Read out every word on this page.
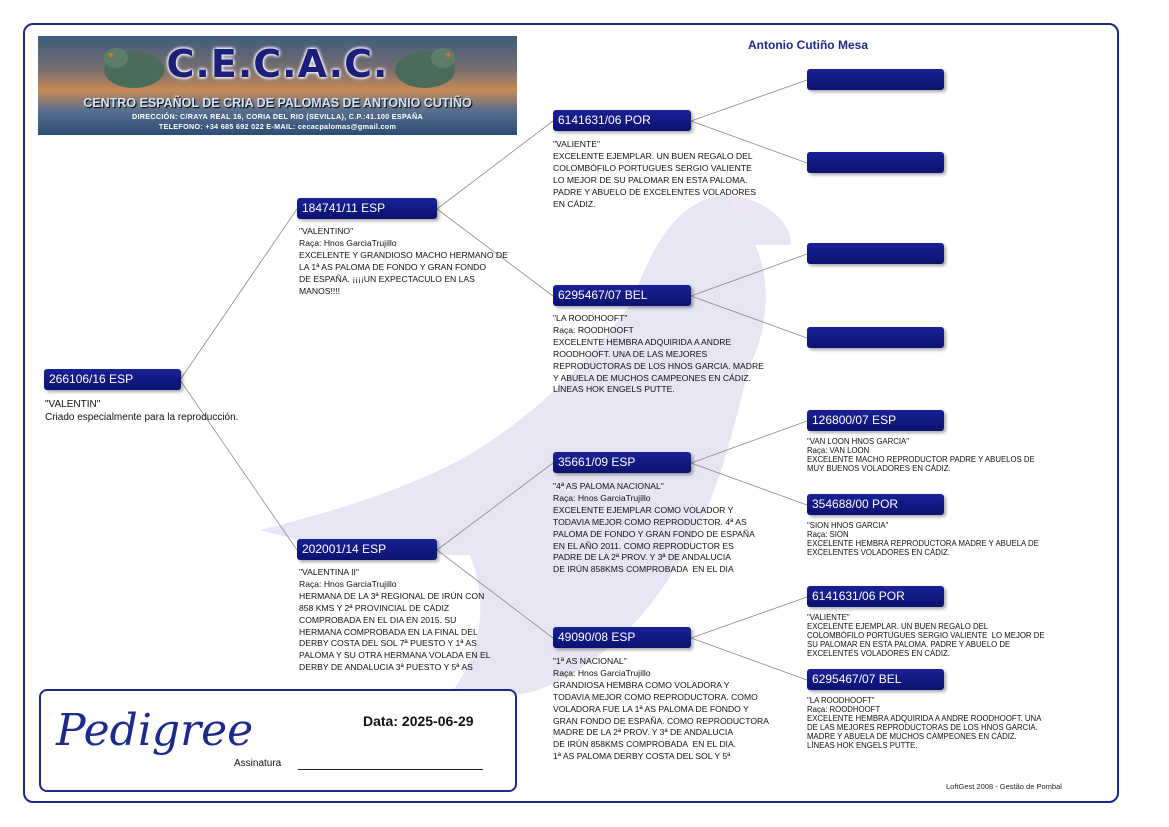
C.E.C.A.C.
CENTRO ESPAÑOL DE CRIA DE PALOMAS DE ANTONIO CUTIÑO
DIRECCIÓN: C/RAYA REAL 16, CORIA DEL RIO (SEVILLA), C.P.:41.100 ESPAÑA
TELEFONO: +34 685 692 022 E-MAIL: cecacpalomas@gmail.com
Antonio Cutiño Mesa
266106/16 ESP
"VALENTIN"
Criado especialmente para la reproducción.
184741/11 ESP
"VALENTINO"
Raça: Hnos GarciaTrujillo
EXCELENTE Y GRANDIOSO MACHO HERMANO DE
LA 1ª AS PALOMA DE FONDO Y GRAN FONDO
DE ESPAÑA. ¡¡¡¡UN EXPECTACULO EN LAS
MANOS!!!!
202001/14 ESP
"VALENTINA II"
Raça: Hnos GarciaTrujillo
HERMANA DE LA 3ª REGIONAL DE IRÚN CON
858 KMS Y 2ª PROVINCIAL DE CÁDIZ
COMPROBADA EN EL DIA EN 2015. SU
HERMANA COMPROBADA EN LA FINAL DEL
DERBY COSTA DEL SOL 7ª PUESTO Y 1ª AS
PALOMA Y SU OTRA HERMANA VOLADA EN EL
DERBY DE ANDALUCIA 3ª PUESTO Y 5ª AS
6141631/06 POR
"VALIENTE"
EXCELENTE EJEMPLAR. UN BUEN REGALO DEL
COLOMBÓFILO PORTUGUES SERGIO VALIENTE
LO MEJOR DE SU PALOMAR EN ESTA PALOMA.
PADRE Y ABUELO DE EXCELENTES VOLADORES
EN CÁDIZ.
6295467/07 BEL
"LA ROODHOOFT"
Raça: ROODHOOFT
EXCELENTE HEMBRA ADQUIRIDA A ANDRE
ROODHOOFT. UNA DE LAS MEJORES
REPRODUCTORAS DE LOS HNOS GARCIA. MADRE
Y ABUELA DE MUCHOS CAMPEONES EN CÁDIZ.
LÍNEAS HOK ENGELS PUTTE.
35661/09 ESP
"4ª AS PALOMA NACIONAL"
Raça: Hnos GarciaTrujillo
EXCELENTE EJEMPLAR COMO VOLADOR Y
TODAVIA MEJOR COMO REPRODUCTOR. 4ª AS
PALOMA DE FONDO Y GRAN FONDO DE ESPAÑA
EN EL AÑO 2011. COMO REPRODUCTOR ES
PADRE DE LA 2ª PROV. Y 3ª DE ANDALUCIA
DE IRÚN 858KMS COMPROBADA  EN EL DIA
49090/08 ESP
"1ª AS NACIONAL"
Raça: Hnos GarciaTrujillo
GRANDIOSA HEMBRA COMO VOLADORA Y
TODAVIA MEJOR COMO REPRODUCTORA. COMO
VOLADORA FUE LA 1ª AS PALOMA DE FONDO Y
GRAN FONDO DE ESPAÑA. COMO REPRODUCTORA
MADRE DE LA 2ª PROV. Y 3ª DE ANDALUCIA
DE IRÚN 858KMS COMPROBADA  EN EL DIA.
1ª AS PALOMA DERBY COSTA DEL SOL Y 5ª
126800/07 ESP
"VAN LOON HNOS GARCIA"
Raça: VAN LOON
EXCELENTE MACHO REPRODUCTOR PADRE Y ABUELOS DE
MUY BUENOS VOLADORES EN CÁDIZ.
354688/00 POR
"SION HNOS GARCIA"
Raça: SION
EXCELENTE HEMBRA REPRODUCTORA MADRE Y ABUELA DE
EXCELENTES VOLADORES EN CÁDIZ.
6141631/06 POR
"VALIENTE"
EXCELENTE EJEMPLAR. UN BUEN REGALO DEL
COLOMBÓFILO PORTUGUES SERGIO VALIENTE  LO MEJOR DE
SU PALOMAR EN ESTA PALOMA. PADRE Y ABUELO DE
EXCELENTES VOLADORES EN CÁDIZ.
6295467/07 BEL
"LA ROODHOOFT"
Raça: ROODHOOFT
EXCELENTE HEMBRA ADQUIRIDA A ANDRE ROODHOOFT. UNA
DE LAS MEJORES REPRODUCTORAS DE LOS HNOS GARCIA.
MADRE Y ABUELA DE MUCHOS CAMPEONES EN CÁDIZ.
LÍNEAS HOK ENGELS PUTTE.
Pedigree	Data: 2025-06-29
Assinatura
LoftGest 2008 - Gestão de Pombal
